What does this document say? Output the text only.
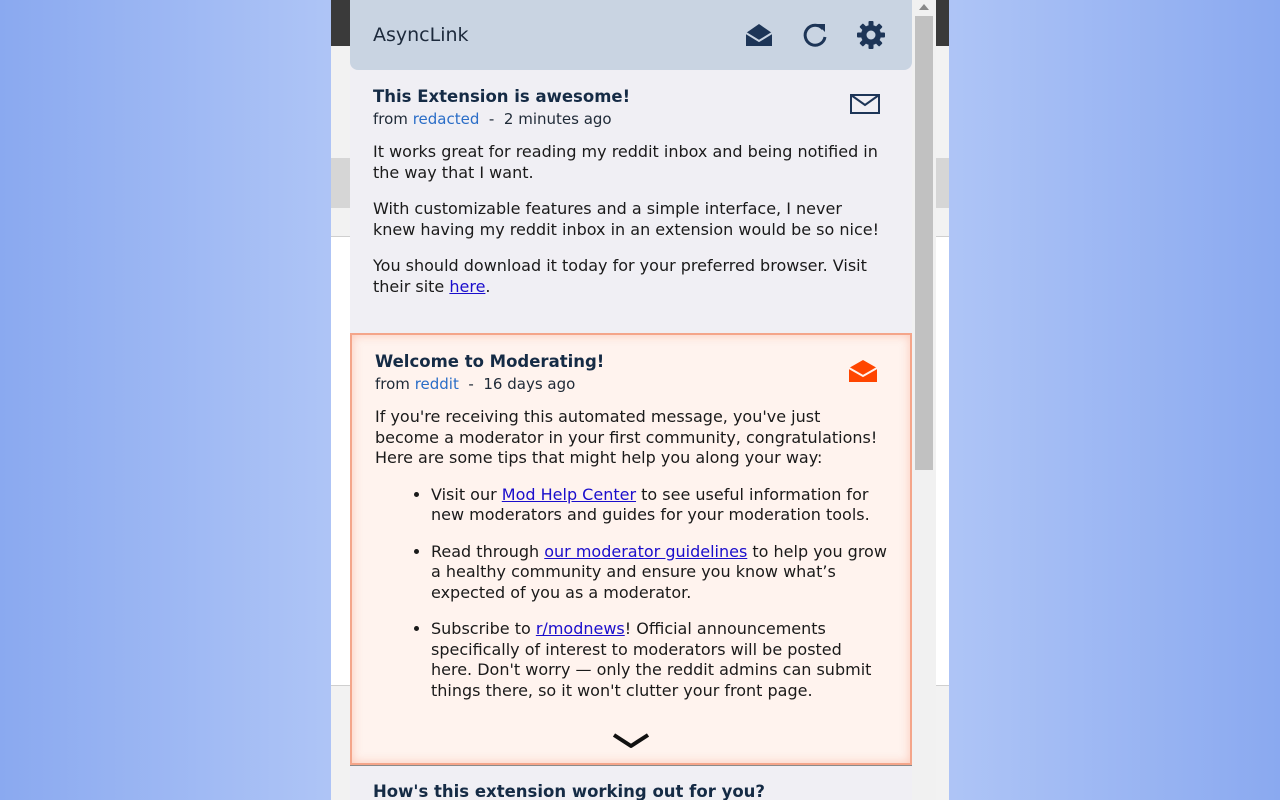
AsyncLink
This Extension is awesome!
from redacted - 2 minutes ago

It works great for reading my reddit inbox and being notified in the way that I want.

With customizable features and a simple interface, I never knew having my reddit inbox in an extension would be so nice!

You should download it today for your preferred browser. Visit their site here.

Welcome to Moderating!
from reddit - 16 days ago

If you're receiving this automated message, you've just become a moderator in your first community, congratulations! Here are some tips that might help you along your way:

• Visit our Mod Help Center to see useful information for new moderators and guides for your moderation tools.
• Read through our moderator guidelines to help you grow a healthy community and ensure you know what’s expected of you as a moderator.
• Subscribe to r/modnews! Official announcements specifically of interest to moderators will be posted here. Don't worry — only the reddit admins can submit things there, so it won't clutter your front page.
How's this extension working out for you?
